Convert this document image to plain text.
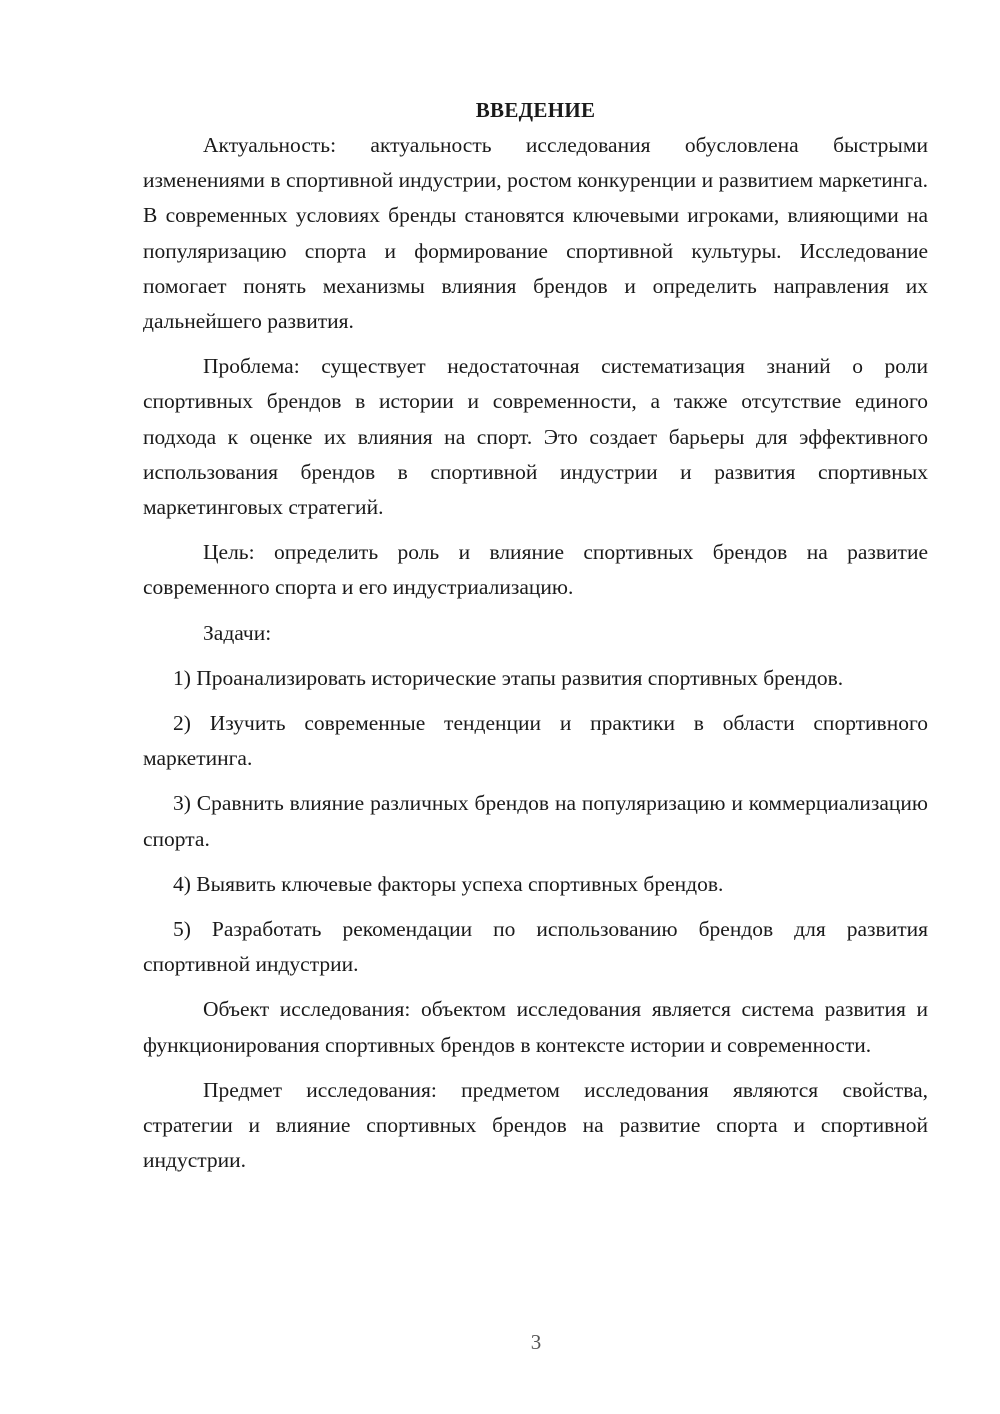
ВВЕДЕНИЕ

Актуальность: актуальность исследования обусловлена быстрыми изменениями в спортивной индустрии, ростом конкуренции и развитием маркетинга. В современных условиях бренды становятся ключевыми игроками, влияющими на популяризацию спорта и формирование спортивной культуры. Исследование помогает понять механизмы влияния брендов и определить направления их дальнейшего развития.

Проблема: существует недостаточная систематизация знаний о роли спортивных брендов в истории и современности, а также отсутствие единого подхода к оценке их влияния на спорт. Это создает барьеры для эффективного использования брендов в спортивной индустрии и развития спортивных маркетинговых стратегий.

Цель: определить роль и влияние спортивных брендов на развитие современного спорта и его индустриализацию.

Задачи:

1) Проанализировать исторические этапы развития спортивных брендов.

2) Изучить современные тенденции и практики в области спортивного маркетинга.

3) Сравнить влияние различных брендов на популяризацию и коммерциализацию спорта.

4) Выявить ключевые факторы успеха спортивных брендов.

5) Разработать рекомендации по использованию брендов для развития спортивной индустрии.

Объект исследования: объектом исследования является система развития и функционирования спортивных брендов в контексте истории и современности.

Предмет исследования: предметом исследования являются свойства, стратегии и влияние спортивных брендов на развитие спорта и спортивной индустрии.

3
